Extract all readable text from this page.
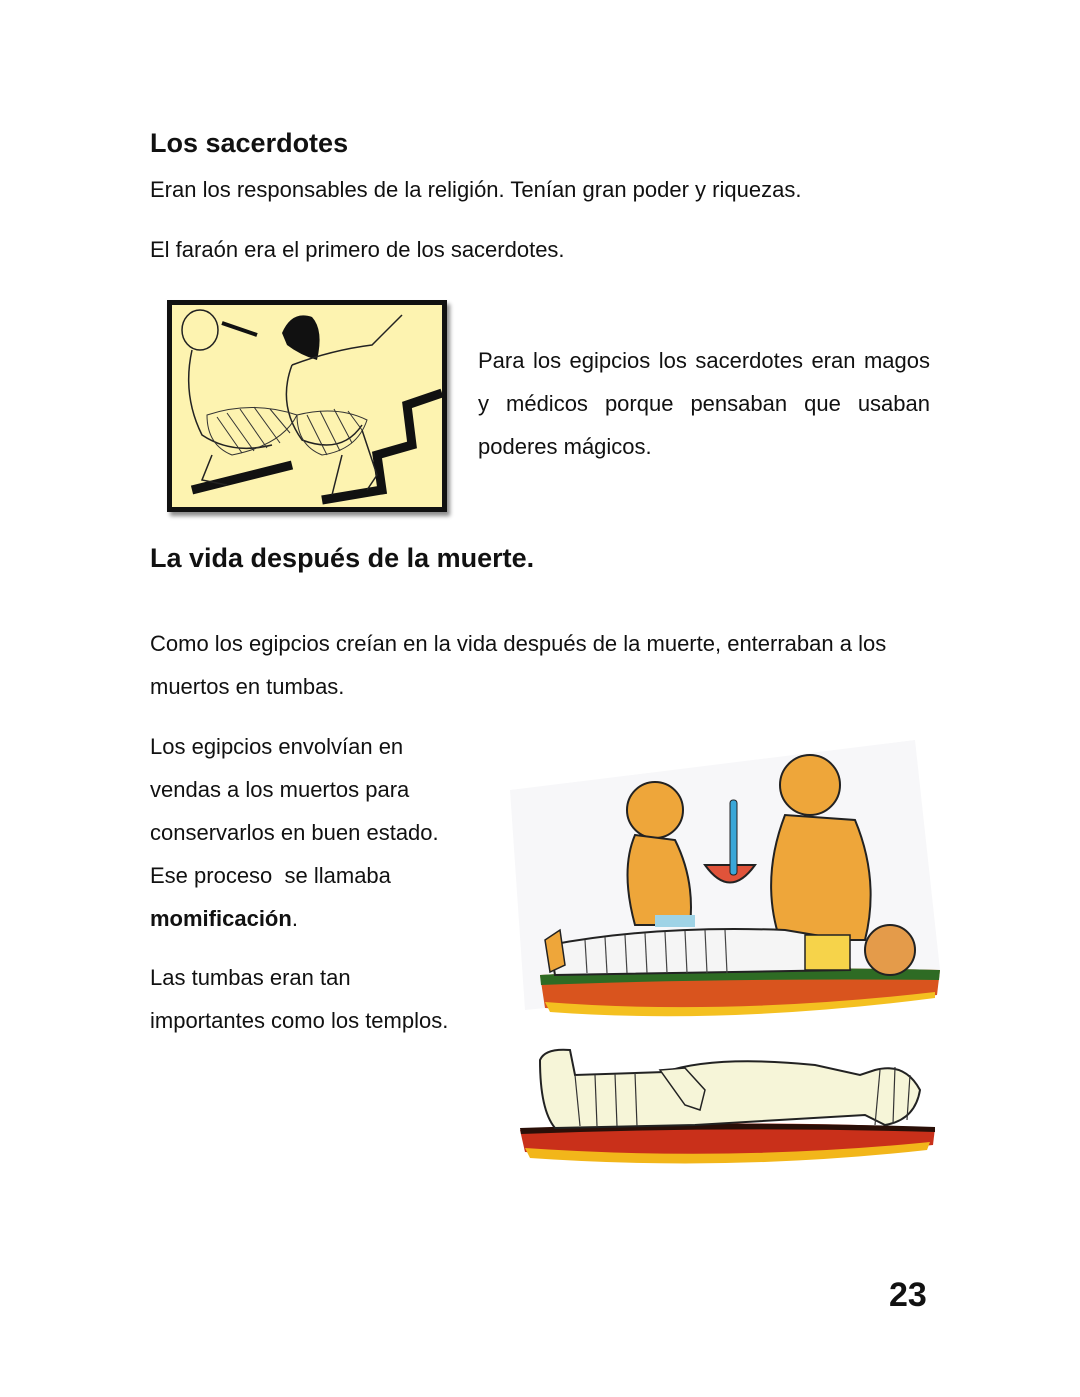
Los sacerdotes

Eran los responsables de la religión. Tenían gran poder y riquezas.

El faraón era el primero de los sacerdotes.

Para los egipcios los sacerdotes eran magos y médicos porque pensaban que usaban poderes mágicos.

La vida después de la muerte.

Como los egipcios creían en la vida después de la muerte, enterraban a los muertos en tumbas.

Los egipcios envolvían en

vendas a los muertos para

conservarlos en buen estado.

Ese proceso  se llamaba

momificación.

Las tumbas eran tan

importantes como los templos.

23
